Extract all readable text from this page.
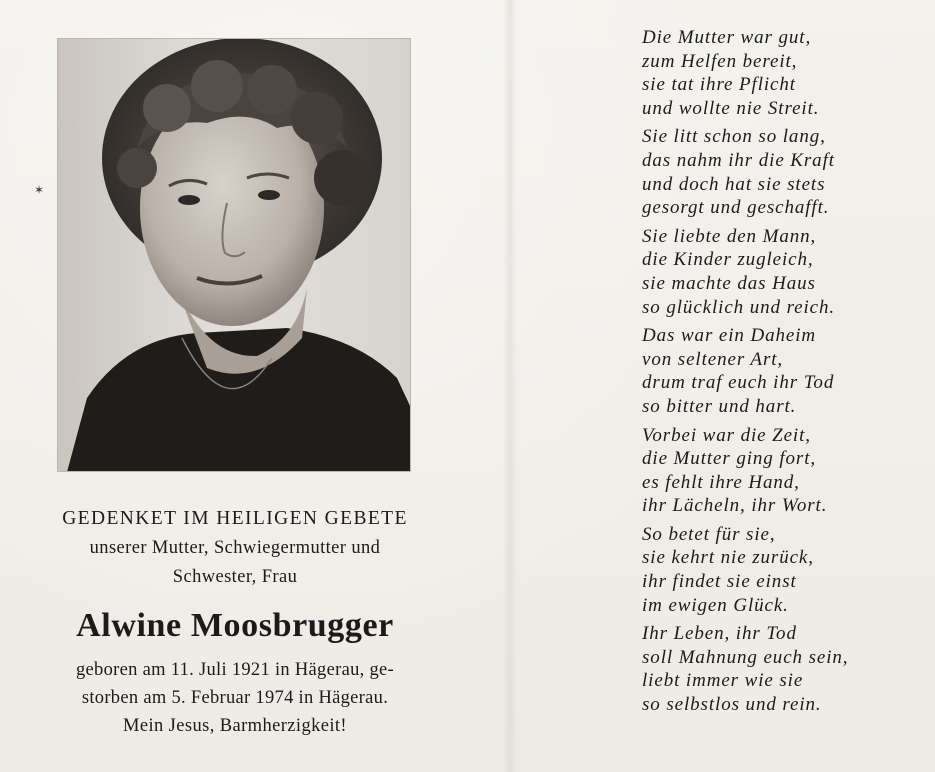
✶

GEDENKET IM HEILIGEN GEBETE

unserer Mutter, Schwiegermutter und

Schwester, Frau

Alwine Moosbrugger

geboren am 11. Juli 1921 in Hägerau, ge-

storben am 5. Februar 1974 in Hägerau.

Mein Jesus, Barmherzigkeit!

Die Mutter war gut,
zum Helfen bereit,
sie tat ihre Pflicht
und wollte nie Streit.
Sie litt schon so lang,
das nahm ihr die Kraft
und doch hat sie stets
gesorgt und geschafft.
Sie liebte den Mann,
die Kinder zugleich,
sie machte das Haus
so glücklich und reich.
Das war ein Daheim
von seltener Art,
drum traf euch ihr Tod
so bitter und hart.
Vorbei war die Zeit,
die Mutter ging fort,
es fehlt ihre Hand,
ihr Lächeln, ihr Wort.
So betet für sie,
sie kehrt nie zurück,
ihr findet sie einst
im ewigen Glück.
Ihr Leben, ihr Tod
soll Mahnung euch sein,
liebt immer wie sie
so selbstlos und rein.
